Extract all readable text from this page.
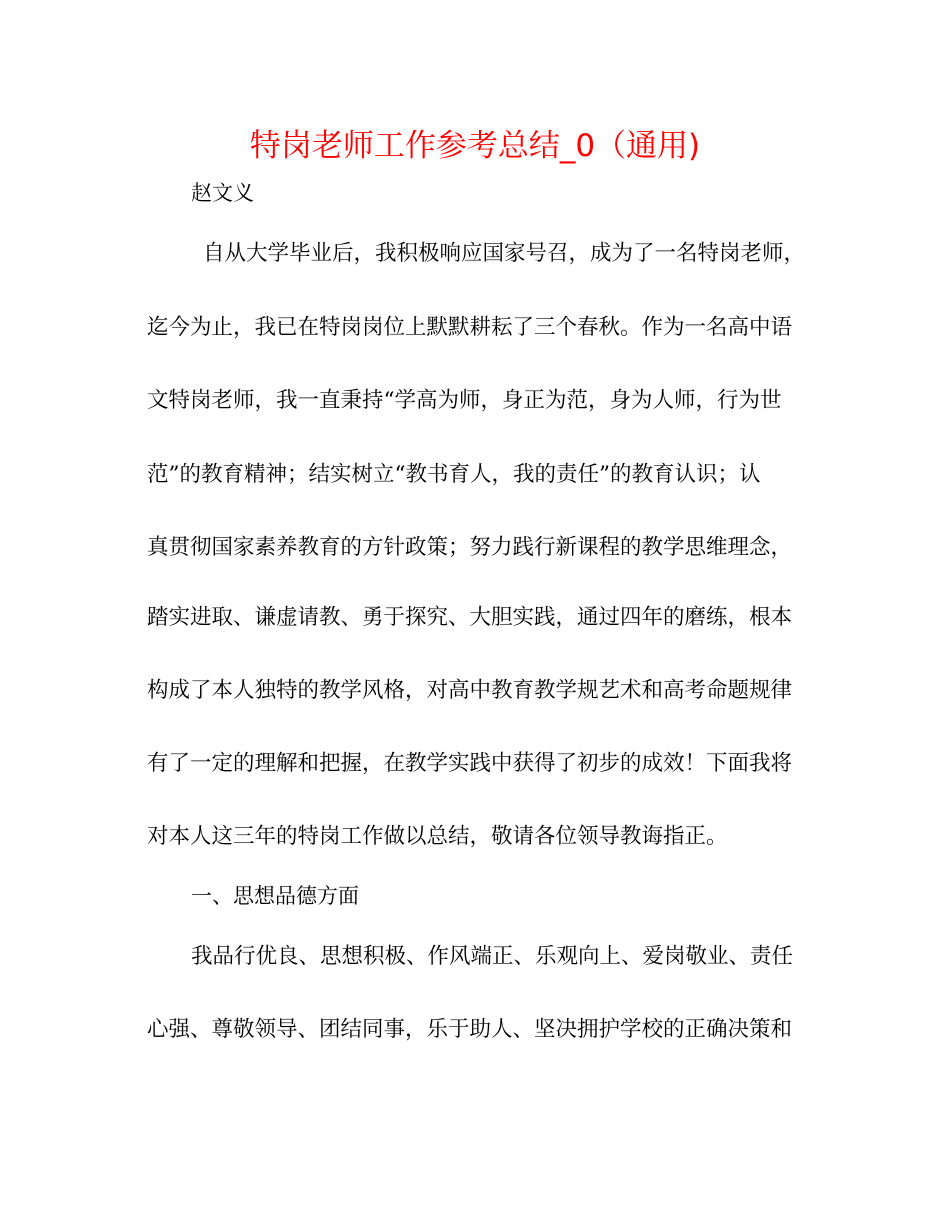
特岗老师工作参考总结_0（通用)
赵文义
自从大学毕业后，我积极响应国家号召，成为了一名特岗老师，
迄今为止，我已在特岗岗位上默默耕耘了三个春秋。作为一名高中语
文特岗老师，我一直秉持“学高为师，身正为范，身为人师，行为世
范”的教育精神；结实树立“教书育人，我的责任”的教育认识；认
真贯彻国家素养教育的方针政策；努力践行新课程的教学思维理念，
踏实进取、谦虚请教、勇于探究、大胆实践，通过四年的磨练，根本
构成了本人独特的教学风格，对高中教育教学规艺术和高考命题规律
有了一定的理解和把握，在教学实践中获得了初步的成效！下面我将
对本人这三年的特岗工作做以总结，敬请各位领导教诲指正。
一、思想品德方面
我品行优良、思想积极、作风端正、乐观向上、爱岗敬业、责任
心强、尊敬领导、团结同事，乐于助人、坚决拥护学校的正确决策和
